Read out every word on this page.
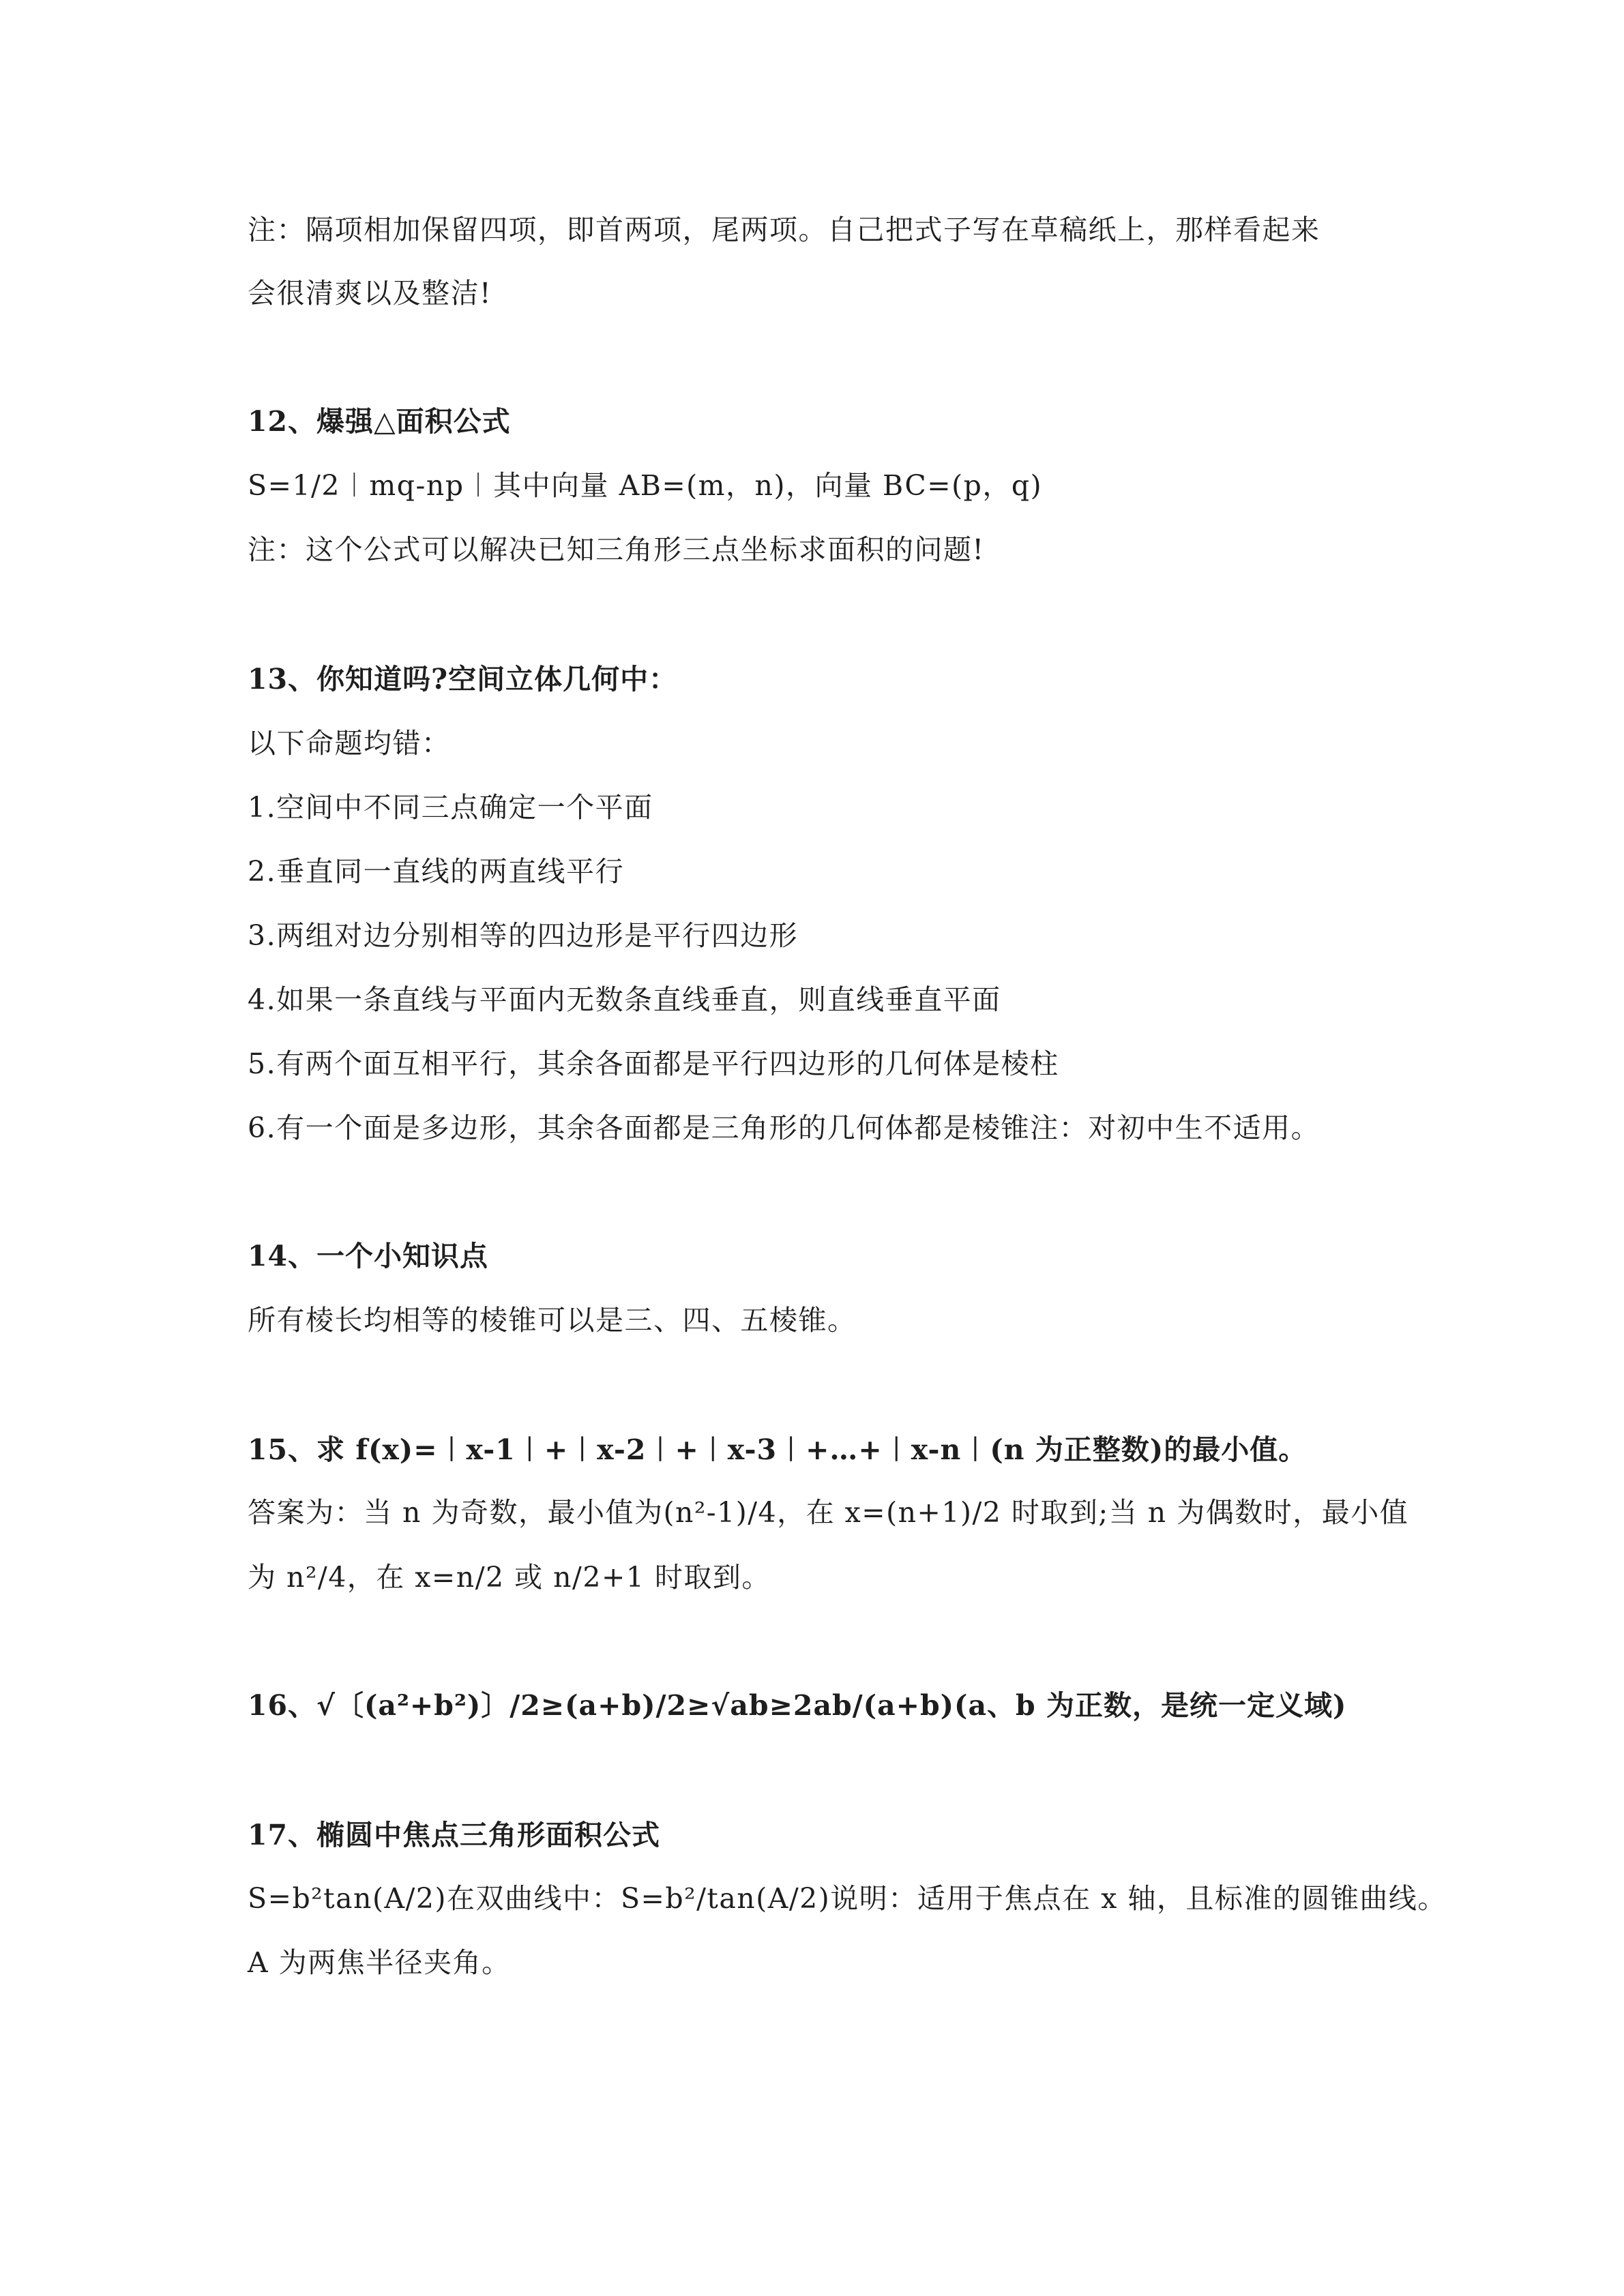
注：隔项相加保留四项，即首两项，尾两项。自己把式子写在草稿纸上，那样看起来
会很清爽以及整洁!
12、爆强△面积公式
S=1/2︱mq-np︱其中向量 AB=(m，n)，向量 BC=(p，q)
注：这个公式可以解决已知三角形三点坐标求面积的问题!
13、你知道吗?空间立体几何中：
以下命题均错：
1.空间中不同三点确定一个平面
2.垂直同一直线的两直线平行
3.两组对边分别相等的四边形是平行四边形
4.如果一条直线与平面内无数条直线垂直，则直线垂直平面
5.有两个面互相平行，其余各面都是平行四边形的几何体是棱柱
6.有一个面是多边形，其余各面都是三角形的几何体都是棱锥注：对初中生不适用。
14、一个小知识点
所有棱长均相等的棱锥可以是三、四、五棱锥。
15、求 f(x)=︱x-1︱+︱x-2︱+︱x-3︱+…+︱x-n︱(n 为正整数)的最小值。
答案为：当 n 为奇数，最小值为(n²-1)/4，在 x=(n+1)/2 时取到;当 n 为偶数时，最小值
为 n²/4，在 x=n/2 或 n/2+1 时取到。
16、√〔(a²+b²)〕/2≥(a+b)/2≥√ab≥2ab/(a+b)(a、b 为正数，是统一定义域)
17、椭圆中焦点三角形面积公式
S=b²tan(A/2)在双曲线中：S=b²/tan(A/2)说明：适用于焦点在 x 轴，且标准的圆锥曲线。
A 为两焦半径夹角。
